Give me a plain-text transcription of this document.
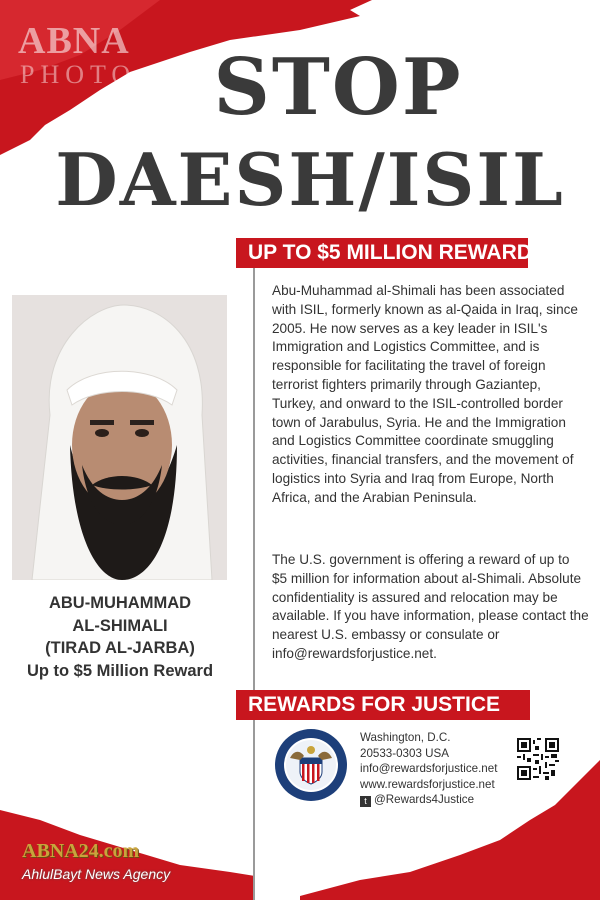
ABNA
PHOTO STOP
DAESH/ISIL
UP TO $5 MILLION REWARD
ABU-MUHAMMAD
AL-SHIMALI
(TIRAD AL-JARBA)
Up to $5 Million Reward
Abu-Muhammad al-Shimali has been associated
with ISIL, formerly known as al-Qaida in Iraq, since
2005. He now serves as a key leader in ISIL's
Immigration and Logistics Committee, and is
responsible for facilitating the travel of foreign
terrorist fighters primarily through Gaziantep,
Turkey, and onward to the ISIL-controlled border
town of Jarabulus, Syria. He and the Immigration
and Logistics Committee coordinate smuggling
activities, financial transfers, and the movement of
logistics into Syria and Iraq from Europe, North
Africa, and the Arabian Peninsula.
The U.S. government is offering a reward of up to
$5 million for information about al-Shimali. Absolute
confidentiality is assured and relocation may be
available. If you have information, please contact the
nearest U.S. embassy or consulate or
info@rewardsforjustice.net.
REWARDS FOR JUSTICE
Washington, D.C.
20533-0303 USA
info@rewardsforjustice.net
www.rewardsforjustice.net
t @Rewards4Justice
ABNA24.com
AhlulBayt News Agency
